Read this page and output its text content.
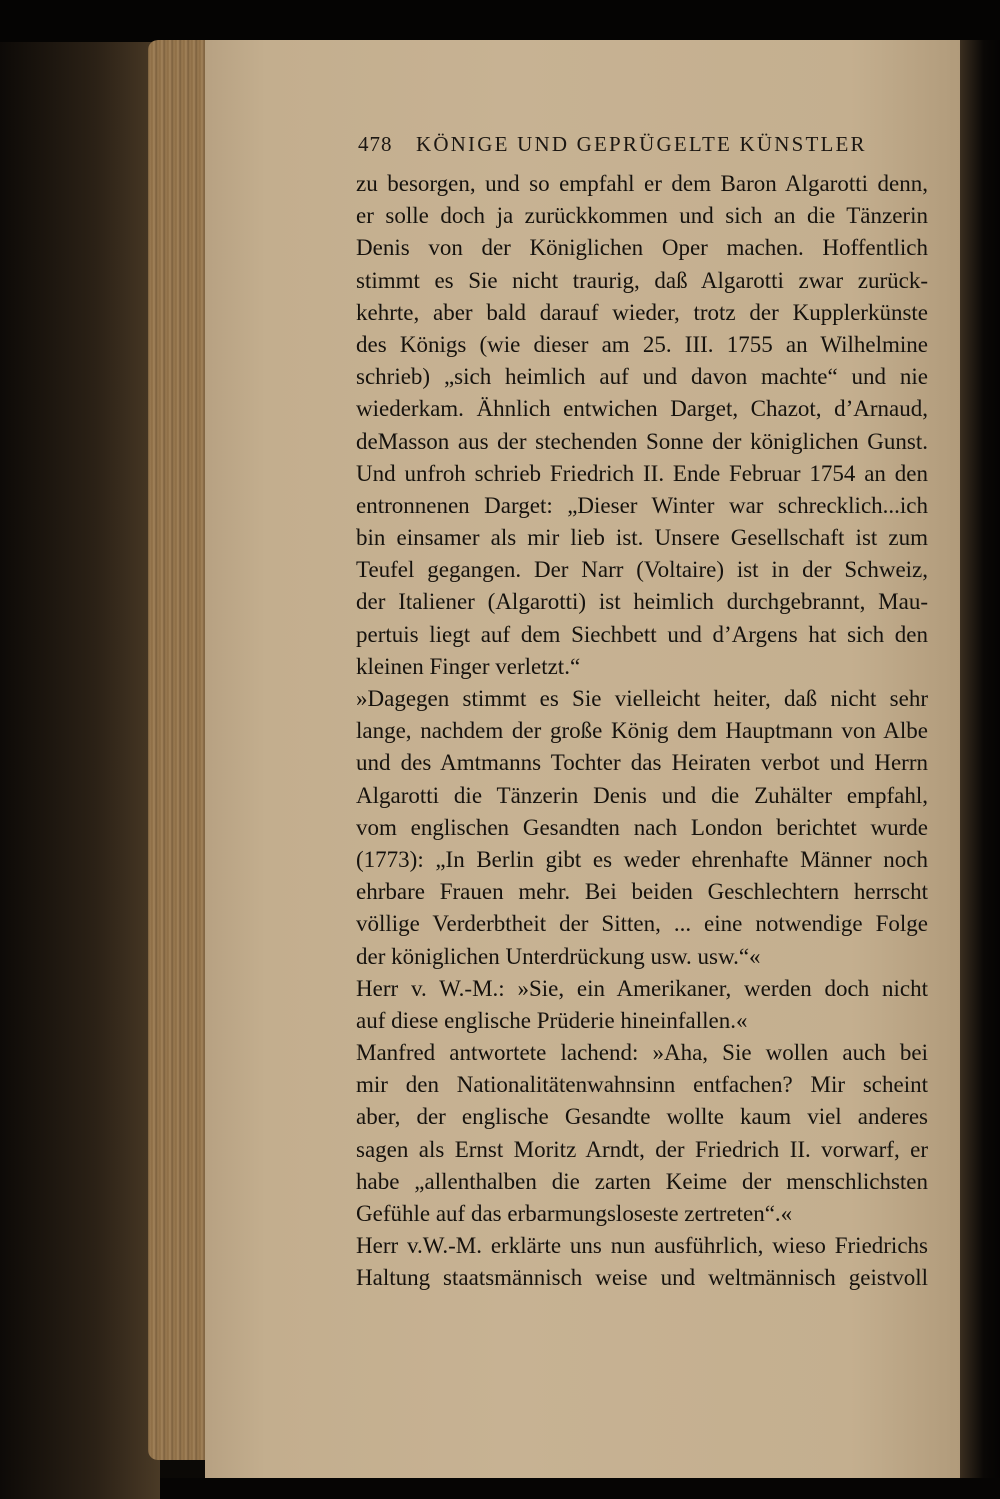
478 KÖNIGE UND GEPRÜGELTE KÜNSTLER
zu besorgen, und so empfahl er dem Baron Algarotti denn,
er solle doch ja zurückkommen und sich an die Tänzerin
Denis von der Königlichen Oper machen. Hoffentlich
stimmt es Sie nicht traurig, daß Algarotti zwar zurück-
kehrte, aber bald darauf wieder, trotz der Kupplerkünste
des Königs (wie dieser am 25. III. 1755 an Wilhelmine
schrieb) „sich heimlich auf und davon machte“ und nie
wiederkam. Ähnlich entwichen Darget, Chazot, d’Arnaud,
deMasson aus der stechenden Sonne der königlichen Gunst.
Und unfroh schrieb Friedrich II. Ende Februar 1754 an den
entronnenen Darget: „Dieser Winter war schrecklich...ich
bin einsamer als mir lieb ist. Unsere Gesellschaft ist zum
Teufel gegangen. Der Narr (Voltaire) ist in der Schweiz,
der Italiener (Algarotti) ist heimlich durchgebrannt, Mau-
pertuis liegt auf dem Siechbett und d’Argens hat sich den
kleinen Finger verletzt.“
»Dagegen stimmt es Sie vielleicht heiter, daß nicht sehr
lange, nachdem der große König dem Hauptmann von Albe
und des Amtmanns Tochter das Heiraten verbot und Herrn
Algarotti die Tänzerin Denis und die Zuhälter empfahl,
vom englischen Gesandten nach London berichtet wurde
(1773): „In Berlin gibt es weder ehrenhafte Männer noch
ehrbare Frauen mehr. Bei beiden Geschlechtern herrscht
völlige Verderbtheit der Sitten, ... eine notwendige Folge
der königlichen Unterdrückung usw. usw.“«
Herr v. W.-M.: »Sie, ein Amerikaner, werden doch nicht
auf diese englische Prüderie hineinfallen.«
Manfred antwortete lachend: »Aha, Sie wollen auch bei
mir den Nationalitätenwahnsinn entfachen? Mir scheint
aber, der englische Gesandte wollte kaum viel anderes
sagen als Ernst Moritz Arndt, der Friedrich II. vorwarf, er
habe „allenthalben die zarten Keime der menschlichsten
Gefühle auf das erbarmungsloseste zertreten“.«
Herr v.W.-M. erklärte uns nun ausführlich, wieso Friedrichs
Haltung staatsmännisch weise und weltmännisch geistvoll
